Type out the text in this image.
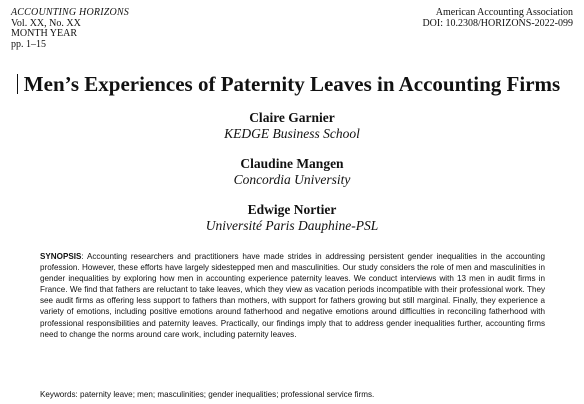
ACCOUNTING HORIZONS
Vol. XX, No. XX
MONTH YEAR
pp. 1–15
American Accounting Association
DOI: 10.2308/HORIZONS-2022-099
Men’s Experiences of Paternity Leaves in Accounting Firms
Claire Garnier
KEDGE Business School
Claudine Mangen
Concordia University
Edwige Nortier
Université Paris Dauphine-PSL
SYNOPSIS: Accounting researchers and practitioners have made strides in addressing persistent gender inequalities in the accounting profession. However, these efforts have largely sidestepped men and masculinities. Our study considers the role of men and masculinities in gender inequalities by exploring how men in accounting experience paternity leaves. We conduct interviews with 13 men in audit firms in France. We find that fathers are reluctant to take leaves, which they view as vacation periods incompatible with their professional work. They see audit firms as offering less support to fathers than mothers, with support for fathers growing but still marginal. Finally, they experience a variety of emotions, including positive emotions around fatherhood and negative emotions around difficulties in reconciling fatherhood with professional responsibilities and paternity leaves. Practically, our findings imply that to address gender inequalities further, accounting firms need to change the norms around care work, including paternity leaves.
Keywords: paternity leave; men; masculinities; gender inequalities; professional service firms.
